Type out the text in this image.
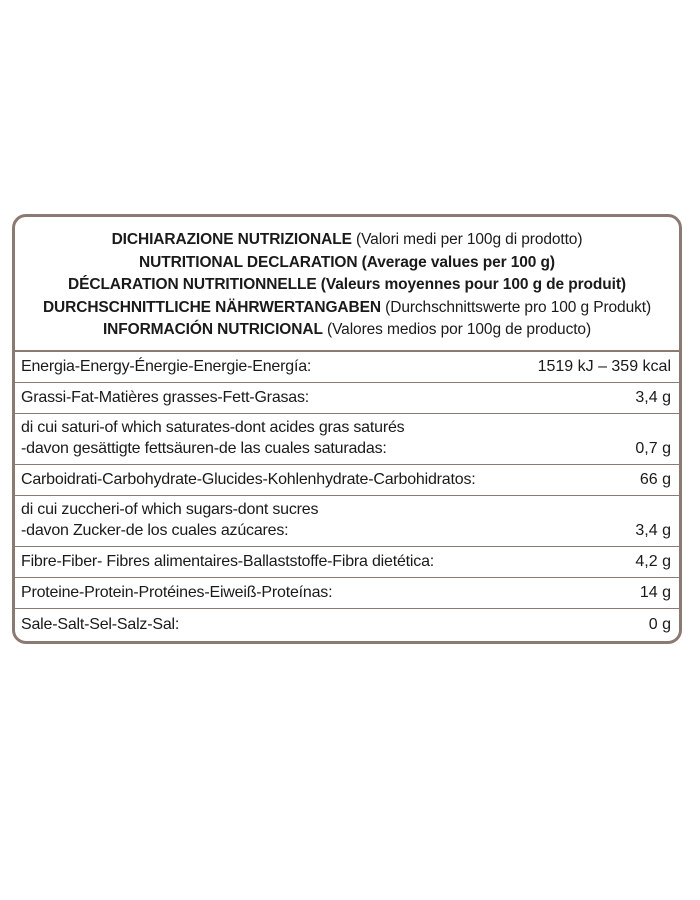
DICHIARAZIONE NUTRIZIONALE (Valori medi per 100g di prodotto)
NUTRITIONAL DECLARATION (Average values per 100 g)
DÉCLARATION NUTRITIONNELLE (Valeurs moyennes pour 100 g de produit)
DURCHSCHNITTLICHE NÄHRWERTANGABEN (Durchschnittswerte pro 100 g Produkt)
INFORMACIÓN NUTRICIONAL (Valores medios por 100g de producto)
Energia-Energy-Énergie-Energie-Energía:	1519 kJ – 359 kcal
Grassi-Fat-Matières grasses-Fett-Grasas:	3,4 g
di cui saturi-of which saturates-dont acides gras saturés
-davon gesättigte fettsäuren-de las cuales saturadas:	0,7 g
Carboidrati-Carbohydrate-Glucides-Kohlenhydrate-Carbohidratos:	66 g
di cui zuccheri-of which sugars-dont sucres
-davon Zucker-de los cuales azúcares:	3,4 g
Fibre-Fiber- Fibres alimentaires-Ballaststoffe-Fibra dietética:	4,2 g
Proteine-Protein-Protéines-Eiweiß-Proteínas:	14 g
Sale-Salt-Sel-Salz-Sal:	0 g
